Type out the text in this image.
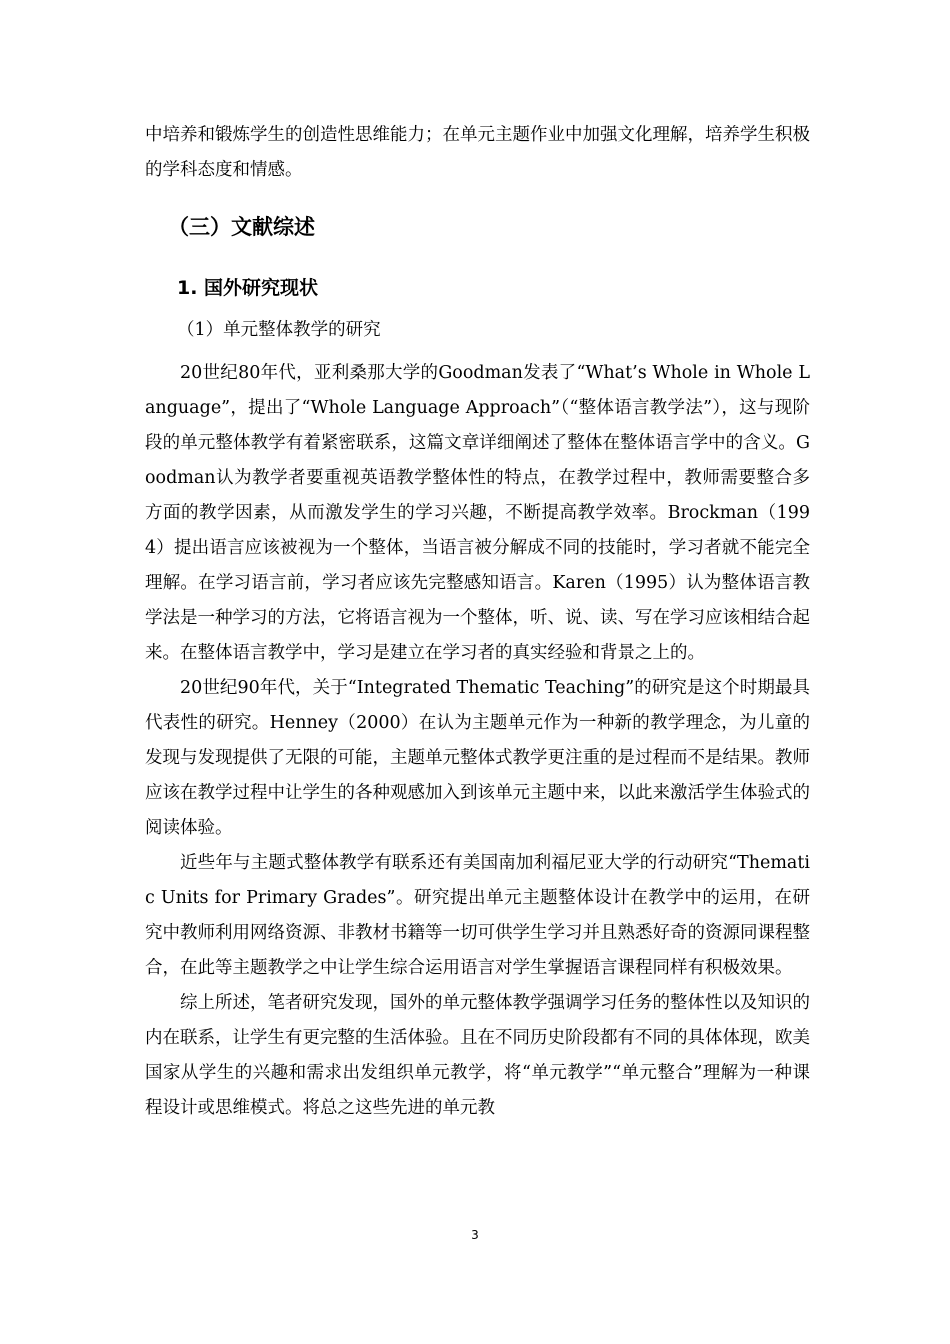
中培养和锻炼学生的创造性思维能力；在单元主题作业中加强文化理解，培养学生积极的学科态度和情感。

（三）文献综述
1. 国外研究现状
（1）单元整体教学的研究

20世纪80年代，亚利桑那大学的Goodman发表了“What’s Whole in Whole Language”，提出了“Whole Language Approach”（“整体语言教学法”），这与现阶段的单元整体教学有着紧密联系，这篇文章详细阐述了整体在整体语言学中的含义。Goodman认为教学者要重视英语教学整体性的特点，在教学过程中，教师需要整合多方面的教学因素，从而激发学生的学习兴趣，不断提高教学效率。Brockman（1994）提出语言应该被视为一个整体，当语言被分解成不同的技能时，学习者就不能完全理解。在学习语言前，学习者应该先完整感知语言。Karen（1995）认为整体语言教学法是一种学习的方法，它将语言视为一个整体，听、说、读、写在学习应该相结合起来。在整体语言教学中，学习是建立在学习者的真实经验和背景之上的。

20世纪90年代，关于“Integrated Thematic Teaching”的研究是这个时期最具代表性的研究。Henney（2000）在认为主题单元作为一种新的教学理念，为儿童的发现与发现提供了无限的可能，主题单元整体式教学更注重的是过程而不是结果。教师应该在教学过程中让学生的各种观感加入到该单元主题中来，以此来激活学生体验式的阅读体验。

近些年与主题式整体教学有联系还有美国南加利福尼亚大学的行动研究“Thematic Units for Primary Grades”。研究提出单元主题整体设计在教学中的运用，在研究中教师利用网络资源、非教材书籍等一切可供学生学习并且熟悉好奇的资源同课程整合，在此等主题教学之中让学生综合运用语言对学生掌握语言课程同样有积极效果。

综上所述，笔者研究发现，国外的单元整体教学强调学习任务的整体性以及知识的内在联系，让学生有更完整的生活体验。且在不同历史阶段都有不同的具体体现，欧美国家从学生的兴趣和需求出发组织单元教学，将“单元教学”“单元整合”理解为一种课程设计或思维模式。将总之这些先进的单元教

3
